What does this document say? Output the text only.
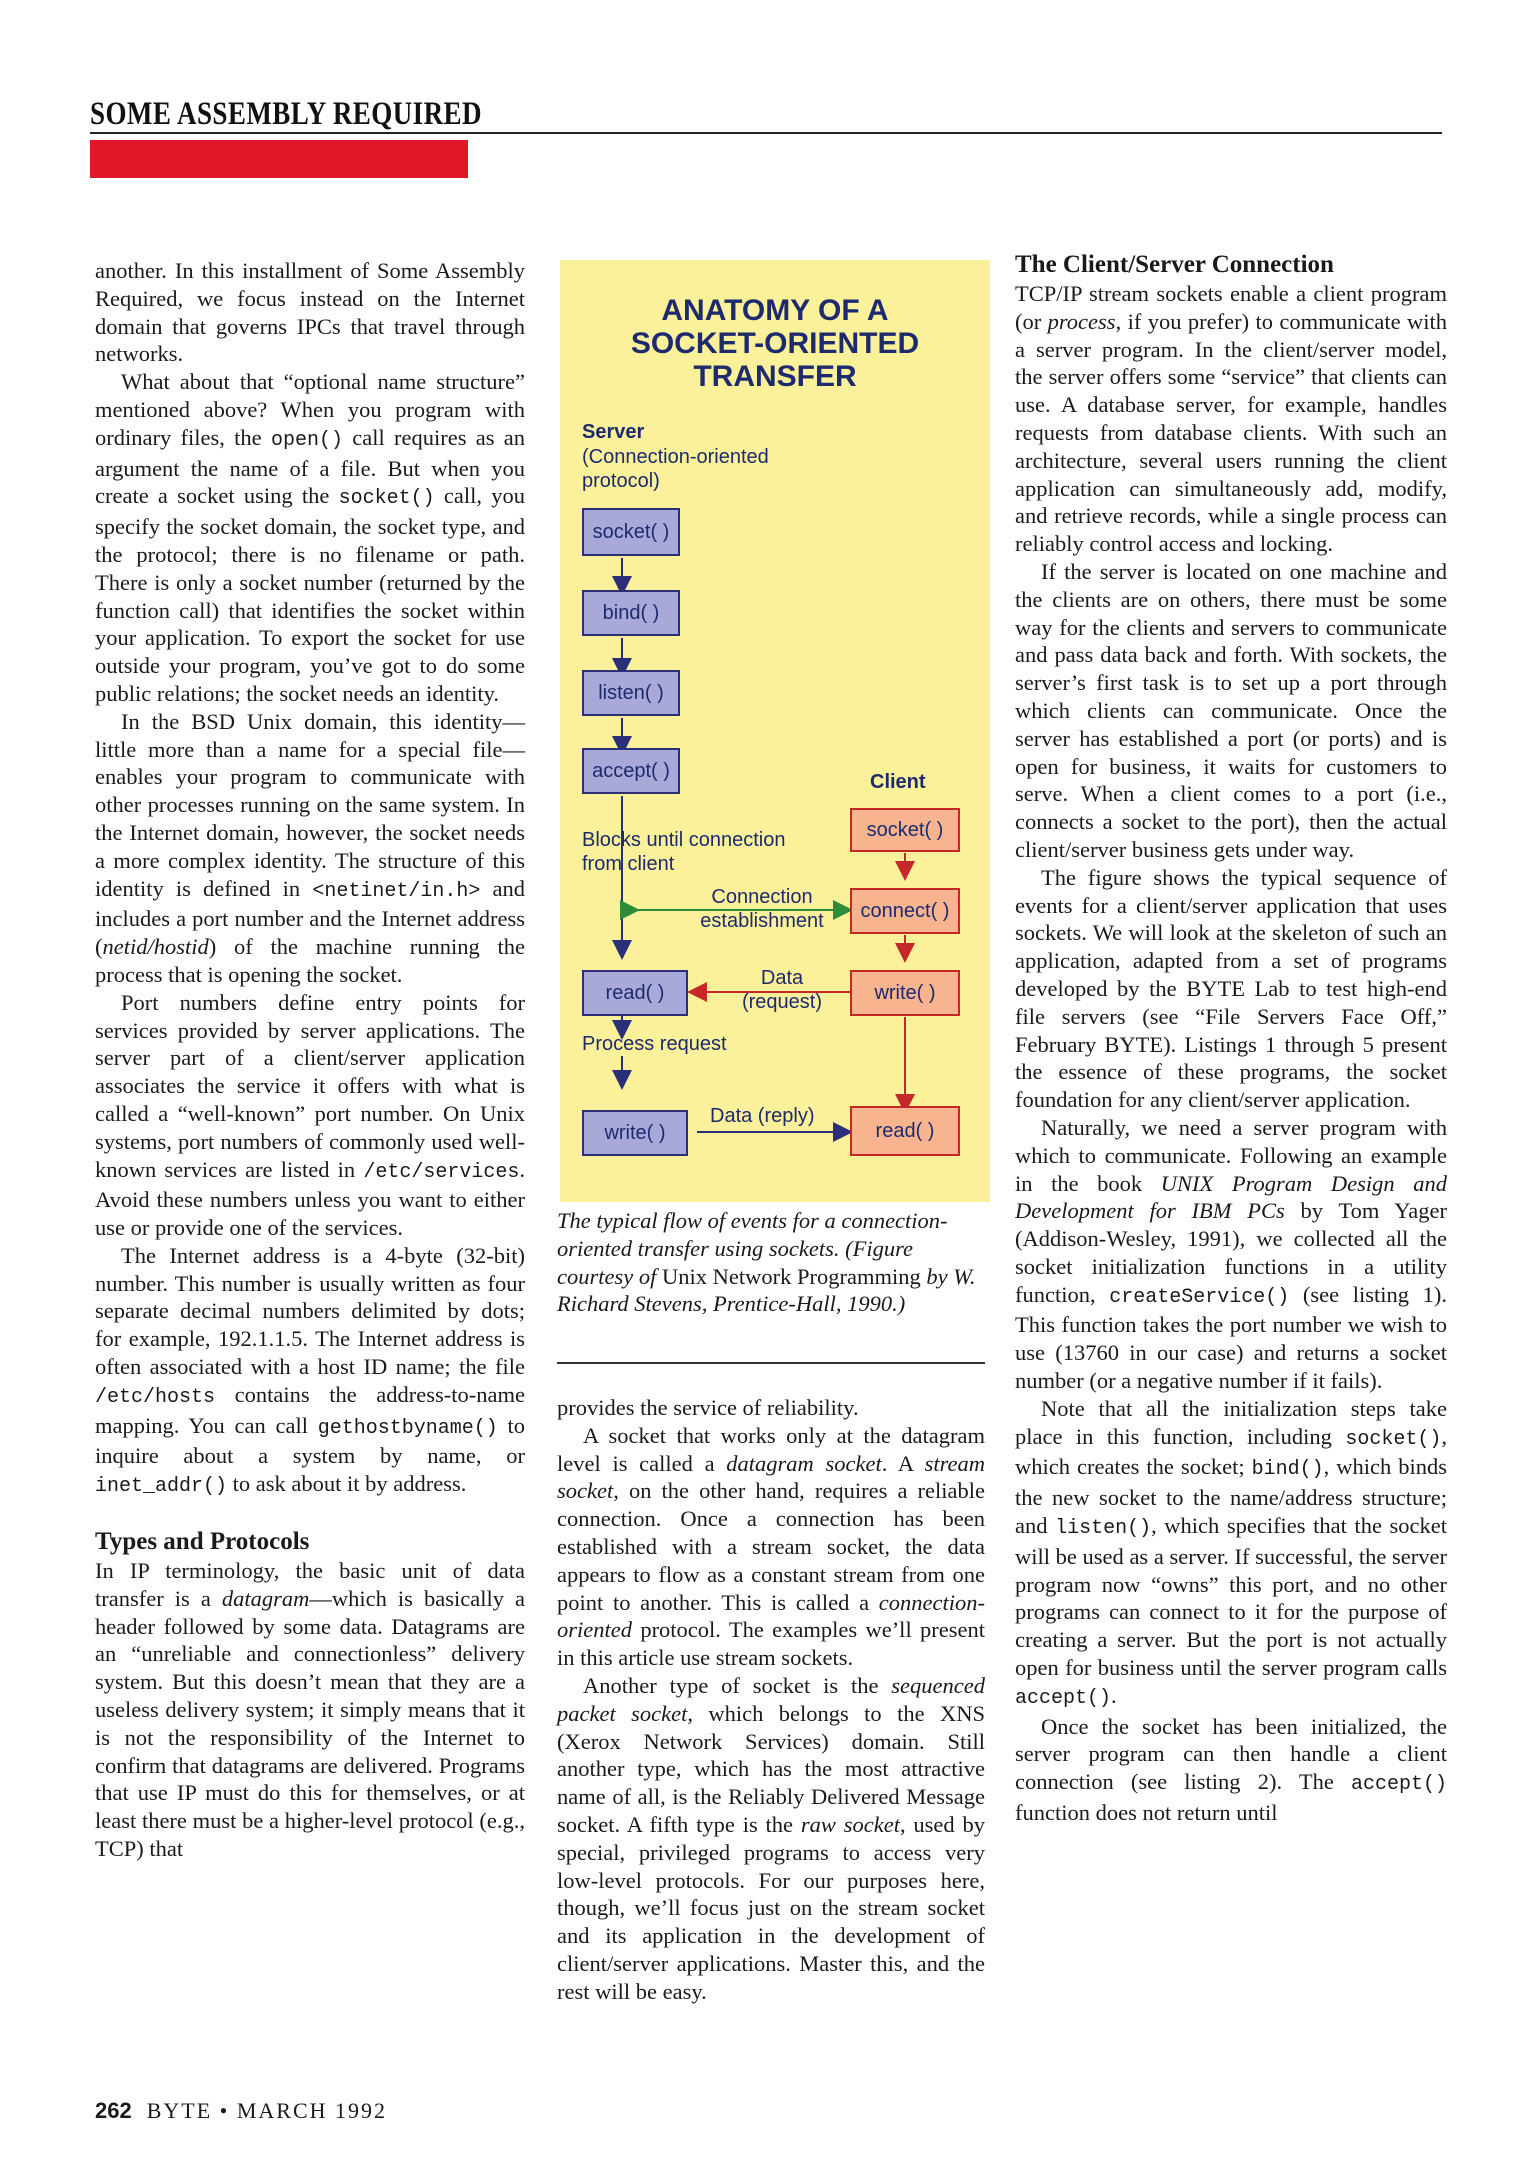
SOME ASSEMBLY REQUIRED

another. In this installment of Some Assembly Required, we focus instead on the Internet domain that governs IPCs that travel through networks.

What about that “optional name structure” mentioned above? When you program with ordinary files, the open() call requires as an argument the name of a file. But when you create a socket using the socket() call, you specify the socket domain, the socket type, and the protocol; there is no filename or path. There is only a socket number (returned by the function call) that identifies the socket within your application. To export the socket for use outside your program, you’ve got to do some public relations; the socket needs an identity.

In the BSD Unix domain, this identity—little more than a name for a special file—enables your program to communicate with other processes running on the same system. In the Internet domain, however, the socket needs a more complex identity. The structure of this identity is defined in <netinet/in.h> and includes a port number and the Internet address (netid/hostid) of the machine running the process that is opening the socket.

Port numbers define entry points for services provided by server applications. The server part of a client/server application associates the service it offers with what is called a “well-known” port number. On Unix systems, port numbers of commonly used well-known services are listed in /etc/services. Avoid these numbers unless you want to either use or provide one of the services.

The Internet address is a 4-byte (32-bit) number. This number is usually written as four separate decimal numbers delimited by dots; for example, 192.1.1.5. The Internet address is often associated with a host ID name; the file /etc/hosts contains the address-to-name mapping. You can call gethostbyname() to inquire about a system by name, or inet_addr() to ask about it by address.

Types and Protocols

In IP terminology, the basic unit of data transfer is a datagram—which is basically a header followed by some data. Datagrams are an “unreliable and connectionless” delivery system. But this doesn’t mean that they are a useless delivery system; it simply means that it is not the responsibility of the Internet to confirm that datagrams are delivered. Programs that use IP must do this for themselves, or at least there must be a higher-level protocol (e.g., TCP) that

ANATOMY OF A
SOCKET-ORIENTED
TRANSFER
Server
(Connection-oriented
protocol)
socket( )
bind( )
listen( )
accept( )
Client
socket( )
Blocks until connection
from client
Connection
establishment	connect( )
read( )
Data
(request)	write( )
Process request
write( )
Data (reply)
read( )
The typical flow of events for a connection-oriented transfer using sockets. (Figure courtesy of Unix Network Programming by W. Richard Stevens, Prentice-Hall, 1990.)

provides the service of reliability.

A socket that works only at the datagram level is called a datagram socket. A stream socket, on the other hand, requires a reliable connection. Once a connection has been established with a stream socket, the data appears to flow as a constant stream from one point to another. This is called a connection-oriented protocol. The examples we’ll present in this article use stream sockets.

Another type of socket is the sequenced packet socket, which belongs to the XNS (Xerox Network Services) domain. Still another type, which has the most attractive name of all, is the Reliably Delivered Message socket. A fifth type is the raw socket, used by special, privileged programs to access very low-level protocols. For our purposes here, though, we’ll focus just on the stream socket and its application in the development of client/server applications. Master this, and the rest will be easy.

The Client/Server Connection

TCP/IP stream sockets enable a client program (or process, if you prefer) to communicate with a server program. In the client/server model, the server offers some “service” that clients can use. A database server, for example, handles requests from database clients. With such an architecture, several users running the client application can simultaneously add, modify, and retrieve records, while a single process can reliably control access and locking.

If the server is located on one machine and the clients are on others, there must be some way for the clients and servers to communicate and pass data back and forth. With sockets, the server’s first task is to set up a port through which clients can communicate. Once the server has established a port (or ports) and is open for business, it waits for customers to serve. When a client comes to a port (i.e., connects a socket to the port), then the actual client/server business gets under way.

The figure shows the typical sequence of events for a client/server application that uses sockets. We will look at the skeleton of such an application, adapted from a set of programs developed by the BYTE Lab to test high-end file servers (see “File Servers Face Off,” February BYTE). Listings 1 through 5 present the essence of these programs, the socket foundation for any client/server application.

Naturally, we need a server program with which to communicate. Following an example in the book UNIX Program Design and Development for IBM PCs by Tom Yager (Addison-Wesley, 1991), we collected all the socket initialization functions in a utility function, createService() (see listing 1). This function takes the port number we wish to use (13760 in our case) and returns a socket number (or a negative number if it fails).

Note that all the initialization steps take place in this function, including socket(), which creates the socket; bind(), which binds the new socket to the name/address structure; and listen(), which specifies that the socket will be used as a server. If successful, the server program now “owns” this port, and no other programs can connect to it for the purpose of creating a server. But the port is not actually open for business until the server program calls accept().

Once the socket has been initialized, the server program can then handle a client connection (see listing 2). The accept() function does not return until

262 BYTE • MARCH 1992
